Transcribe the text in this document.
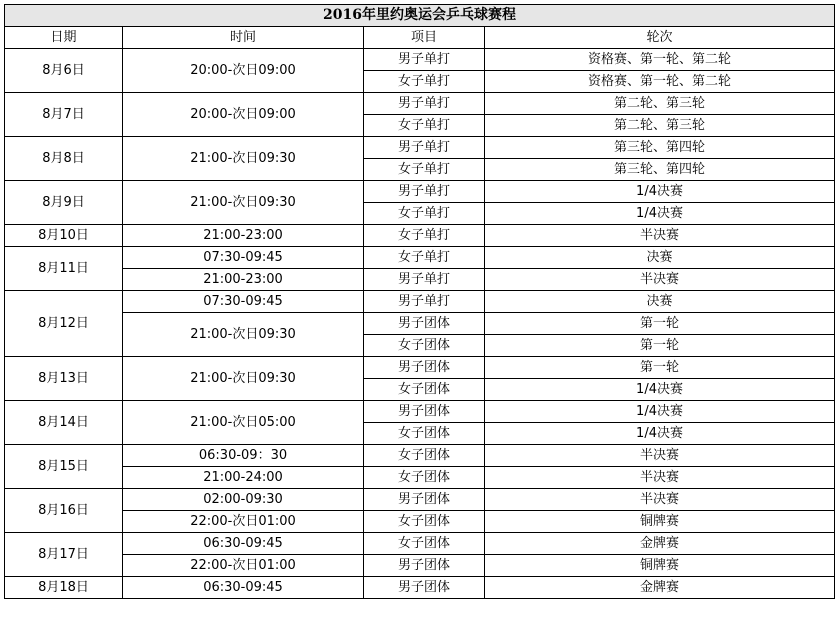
2016年里约奥运会乒乓球赛程			
日期	时间	项目	轮次
8月6日	20:00-次日09:00	男子单打	资格赛、第一轮、第二轮
		女子单打	资格赛、第一轮、第二轮
8月7日	20:00-次日09:00	男子单打	第二轮、第三轮
		女子单打	第二轮、第三轮
8月8日	21:00-次日09:30	男子单打	第三轮、第四轮
		女子单打	第三轮、第四轮
8月9日	21:00-次日09:30	男子单打	1/4决赛
		女子单打	1/4决赛
8月10日	21:00-23:00	女子单打	半决赛
8月11日	07:30-09:45	女子单打	决赛
	21:00-23:00	男子单打	半决赛
8月12日	07:30-09:45	男子单打	决赛
	21:00-次日09:30	男子团体	第一轮
		女子团体	第一轮
8月13日	21:00-次日09:30	男子团体	第一轮
		女子团体	1/4决赛
8月14日	21:00-次日05:00	男子团体	1/4决赛
		女子团体	1/4决赛
8月15日	06:30-09：30	女子团体	半决赛
	21:00-24:00	女子团体	半决赛
8月16日	02:00-09:30	男子团体	半决赛
	22:00-次日01:00	女子团体	铜牌赛
8月17日	06:30-09:45	女子团体	金牌赛
	22:00-次日01:00	男子团体	铜牌赛
8月18日	06:30-09:45	男子团体	金牌赛
